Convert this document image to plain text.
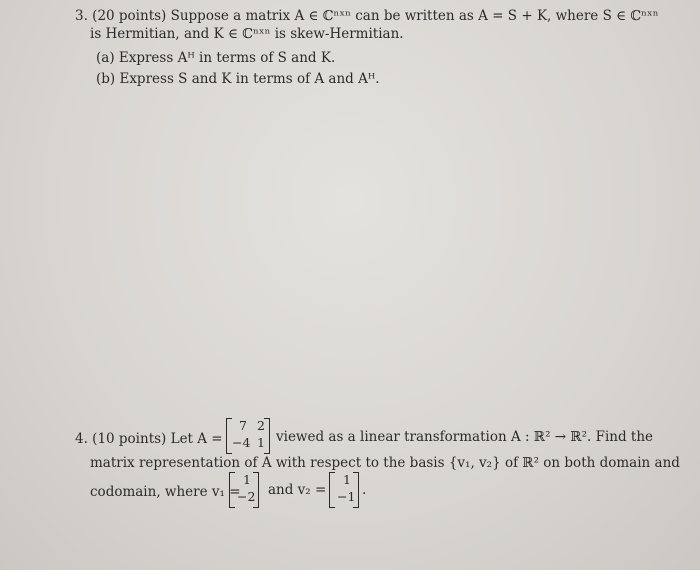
3. (20 points) Suppose a matrix A ∈ ℂⁿˣⁿ can be written as A = S + K, where S ∈ ℂⁿˣⁿ
is Hermitian, and K ∈ ℂⁿˣⁿ is skew-Hermitian.
(a) Express Aᴴ in terms of S and K.
(b) Express S and K in terms of A and Aᴴ.
4. (10 points) Let A =
7 2
−4 1 viewed as a linear transformation A : ℝ² → ℝ². Find the
matrix representation of A with respect to the basis {v₁, v₂} of ℝ² on both domain and
codomain, where v₁ =
1
−2 and v₂ =
1
−1 .
